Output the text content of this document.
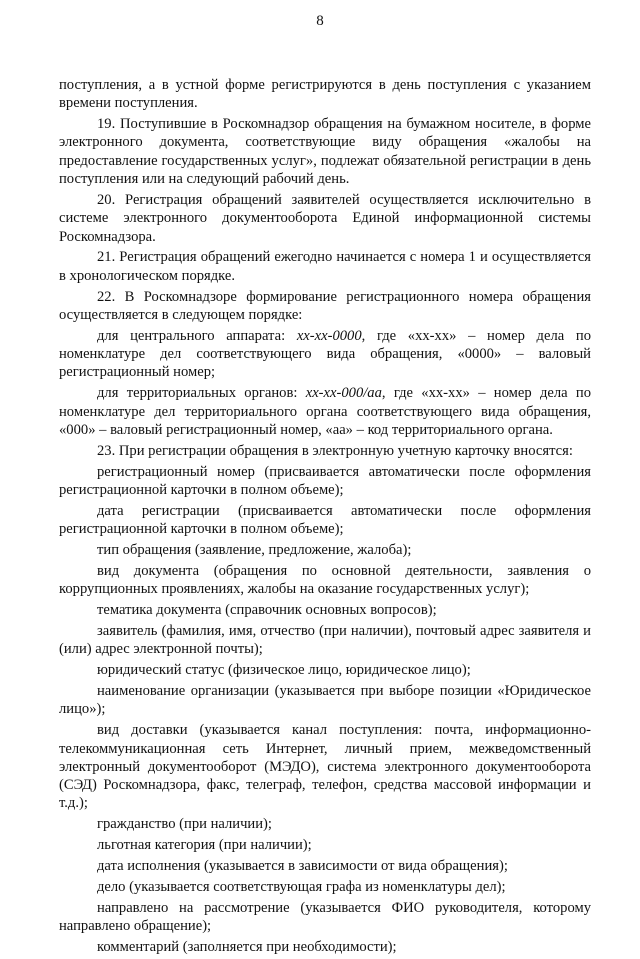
8

поступления, а в устной форме регистрируются в день поступления с указанием времени поступления.

19. Поступившие в Роскомнадзор обращения на бумажном носителе, в форме электронного документа, соответствующие виду обращения «жалобы на предоставление государственных услуг», подлежат обязательной регистрации в день поступления или на следующий рабочий день.

20. Регистрация обращений заявителей осуществляется исключительно в системе электронного документооборота Единой информационной системы Роскомнадзора.

21. Регистрация обращений ежегодно начинается с номера 1 и осуществляется в хронологическом порядке.

22. В Роскомнадзоре формирование регистрационного номера обращения осуществляется в следующем порядке:

для центрального аппарата: хх-хх-0000, где «хх-хх» – номер дела по номенклатуре дел соответствующего вида обращения, «0000» – валовый регистрационный номер;

для территориальных органов: хх-хх-000/аа, где «хх-хх» – номер дела по номенклатуре дел территориального органа соответствующего вида обращения, «000» – валовый регистрационный номер, «аа» – код территориального органа.

23. При регистрации обращения в электронную учетную карточку вносятся:

регистрационный номер (присваивается автоматически после оформления регистрационной карточки в полном объеме);

дата регистрации (присваивается автоматически после оформления регистрационной карточки в полном объеме);

тип обращения (заявление, предложение, жалоба);

вид документа (обращения по основной деятельности, заявления о коррупционных проявлениях, жалобы на оказание государственных услуг);

тематика документа (справочник основных вопросов);

заявитель (фамилия, имя, отчество (при наличии), почтовый адрес заявителя и (или) адрес электронной почты);

юридический статус (физическое лицо, юридическое лицо);

наименование организации (указывается при выборе позиции «Юридическое лицо»);

вид доставки (указывается канал поступления: почта, информационно-телекоммуникационная сеть Интернет, личный прием, межведомственный электронный документооборот (МЭДО), система электронного документооборота (СЭД) Роскомнадзора, факс, телеграф, телефон, средства массовой информации и т.д.);

гражданство (при наличии);

льготная категория (при наличии);

дата исполнения (указывается в зависимости от вида обращения);

дело (указывается соответствующая графа из номенклатуры дел);

направлено на рассмотрение (указывается ФИО руководителя, которому направлено обращение);

комментарий (заполняется при необходимости);
